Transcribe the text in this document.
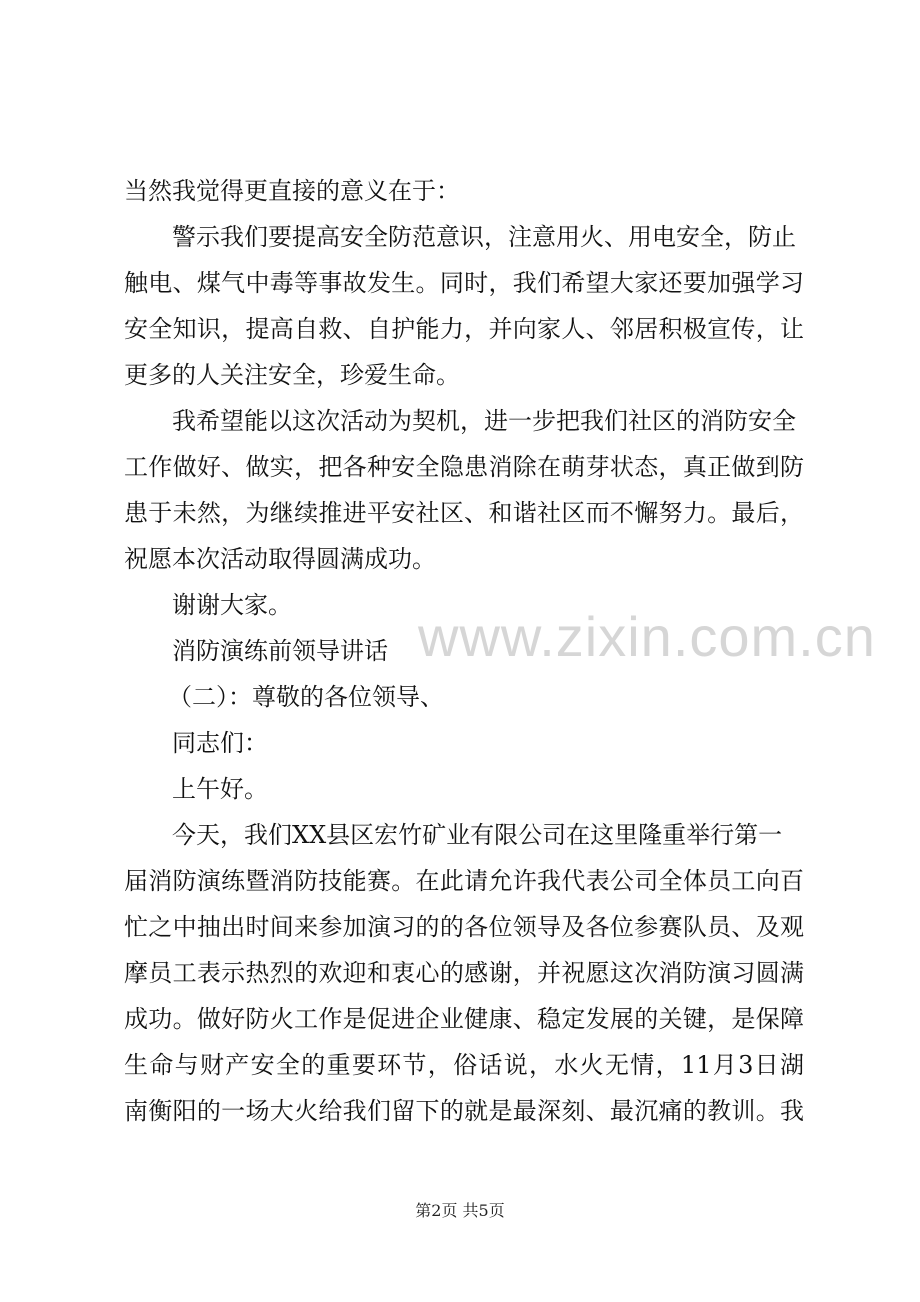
当然我觉得更直接的意义在于：
警示我们要提高安全防范意识，注意用火、用电安全，防止
触电、煤气中毒等事故发生。同时，我们希望大家还要加强学习
安全知识，提高自救、自护能力，并向家人、邻居积极宣传，让
更多的人关注安全，珍爱生命。
我希望能以这次活动为契机，进一步把我们社区的消防安全
工作做好、做实，把各种安全隐患消除在萌芽状态，真正做到防
患于未然，为继续推进平安社区、和谐社区而不懈努力。最后，
祝愿本次活动取得圆满成功。
谢谢大家。
消防演练前领导讲话
（二）：尊敬的各位领导、
同志们：
上午好。
今天，我们XX县区宏竹矿业有限公司在这里隆重举行第一
届消防演练暨消防技能赛。在此请允许我代表公司全体员工向百
忙之中抽出时间来参加演习的的各位领导及各位参赛队员、及观
摩员工表示热烈的欢迎和衷心的感谢，并祝愿这次消防演习圆满
成功。做好防火工作是促进企业健康、稳定发展的关键，是保障
生命与财产安全的重要环节，俗话说，水火无情，11月3日湖
南衡阳的一场大火给我们留下的就是最深刻、最沉痛的教训。我
www.zixin.com.cn
第2页 共5页
